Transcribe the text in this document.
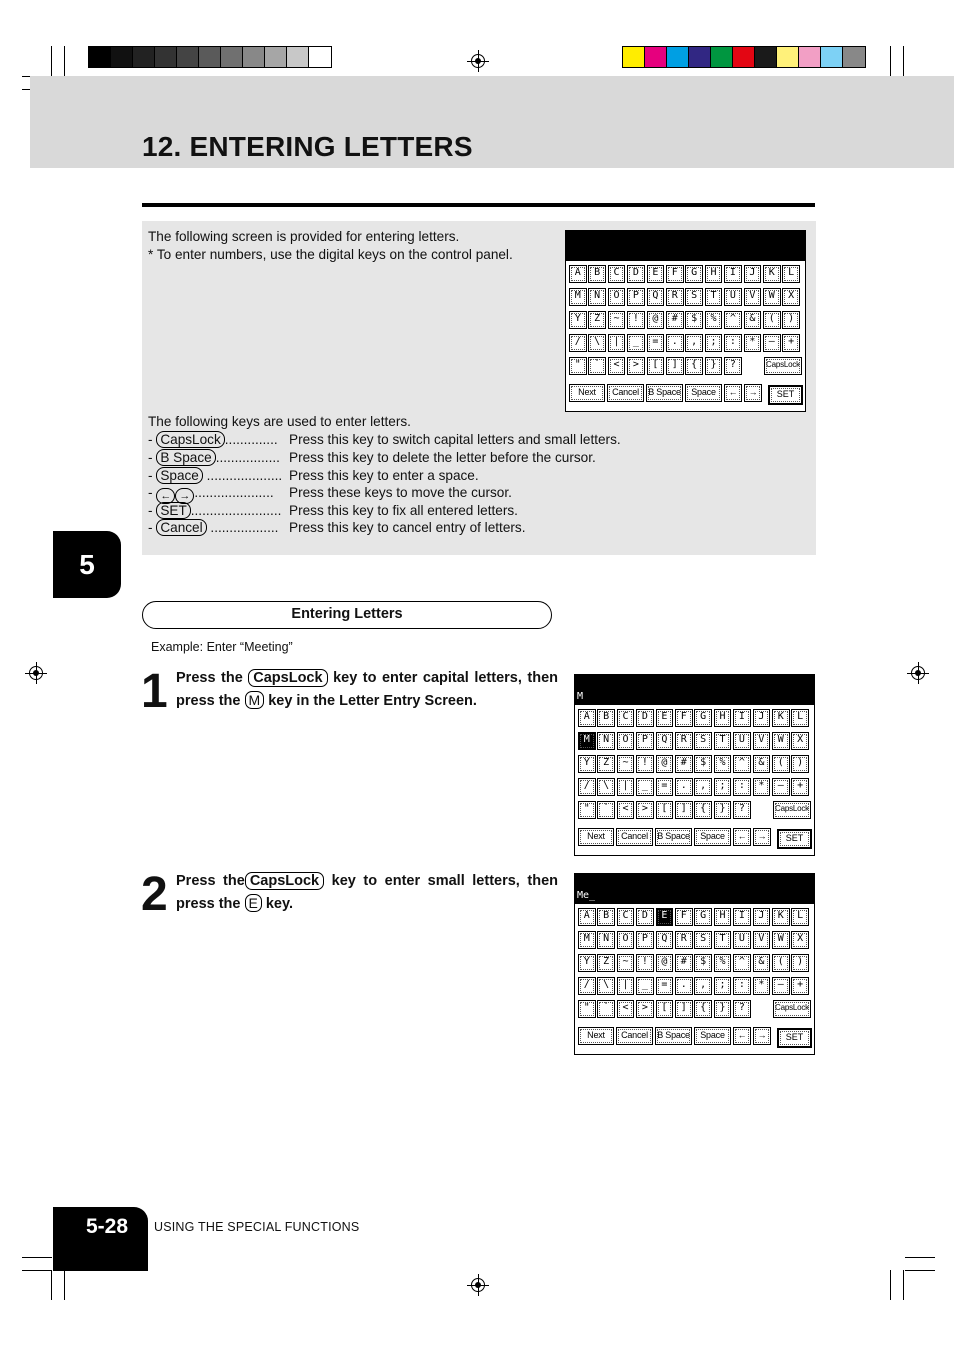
12. ENTERING LETTERS
The following screen is provided for entering letters.
* To enter numbers, use the digital keys on the control panel.
The following keys are used to enter letters.
- CapsLock .............. Press this key to switch capital letters and small letters.
- B Space ................. Press this key to delete the letter before the cursor.
- Space .................... Press this key to enter a space.
- ← → ..................... Press these keys to move the cursor.
- SET ........................ Press this key to fix all entered letters.
- Cancel .................. Press this key to cancel entry of letters.
A	B	C	D	E	F	G	H	I	J	K	L
M	N	O	P	Q	R	S	T	U	V	W	X
Y	Z	~	!	@	#	$	%	^	&	(	)
/	\	|	_	=	.	,	;	:	*	—	+
"	`	<	>	[	]	{	}	?	CapsLock
Next	Cancel	B Space	Space	←	→	SET
5
Entering Letters
Example: Enter “Meeting”
1 Press the CapsLock key to enter capital letters, then press the M key in the Letter Entry Screen.	M
A	B	C	D	E	F	G	H	I	J	K	L
M	N	O	P	Q	R	S	T	U	V	W	X
Y	Z	~	!	@	#	$	%	^	&	(	)
/	\	|	_	=	.	,	;	:	*	—	+
"	`	<	>	[	]	{	}	?	CapsLock
Next	Cancel	B Space	Space	←	→	SET
2 Press the CapsLock key to enter small letters, then press the E key.	Me_
A	B	C	D	E	F	G	H	I	J	K	L
M	N	O	P	Q	R	S	T	U	V	W	X
Y	Z	~	!	@	#	$	%	^	&	(	)
/	\	|	_	=	.	,	;	:	*	—	+
"	`	<	>	[	]	{	}	?	CapsLock
Next	Cancel	B Space	Space	←	→	SET
5-28	USING THE SPECIAL FUNCTIONS
